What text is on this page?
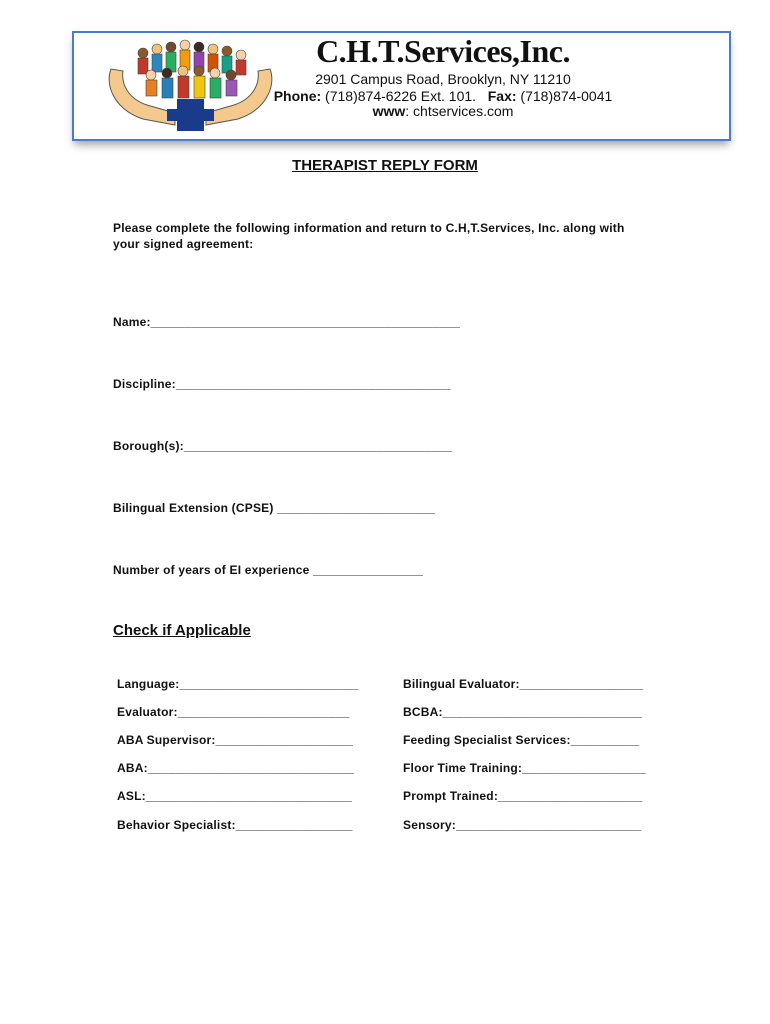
C.H.T.Services,Inc.
2901 Campus Road, Brooklyn, NY 11210
Phone: (718)874-6226 Ext. 101.   Fax: (718)874-0041
www: chtservices.com
THERAPIST REPLY FORM
Please complete the following information and return to C.H,T.Services, Inc. along with your signed agreement:
Name:_____________________________________________
Discipline:________________________________________
Borough(s):_______________________________________
Bilingual Extension (CPSE) _______________________
Number of years of EI experience ________________
Check if Applicable
Language:__________________________
Evaluator:_________________________
ABA Supervisor:____________________
ABA:______________________________
ASL:______________________________
Behavior Specialist:_________________
Bilingual Evaluator:__________________
BCBA:_____________________________
Feeding Specialist Services:__________
Floor Time Training:__________________
Prompt Trained:_____________________
Sensory:___________________________
